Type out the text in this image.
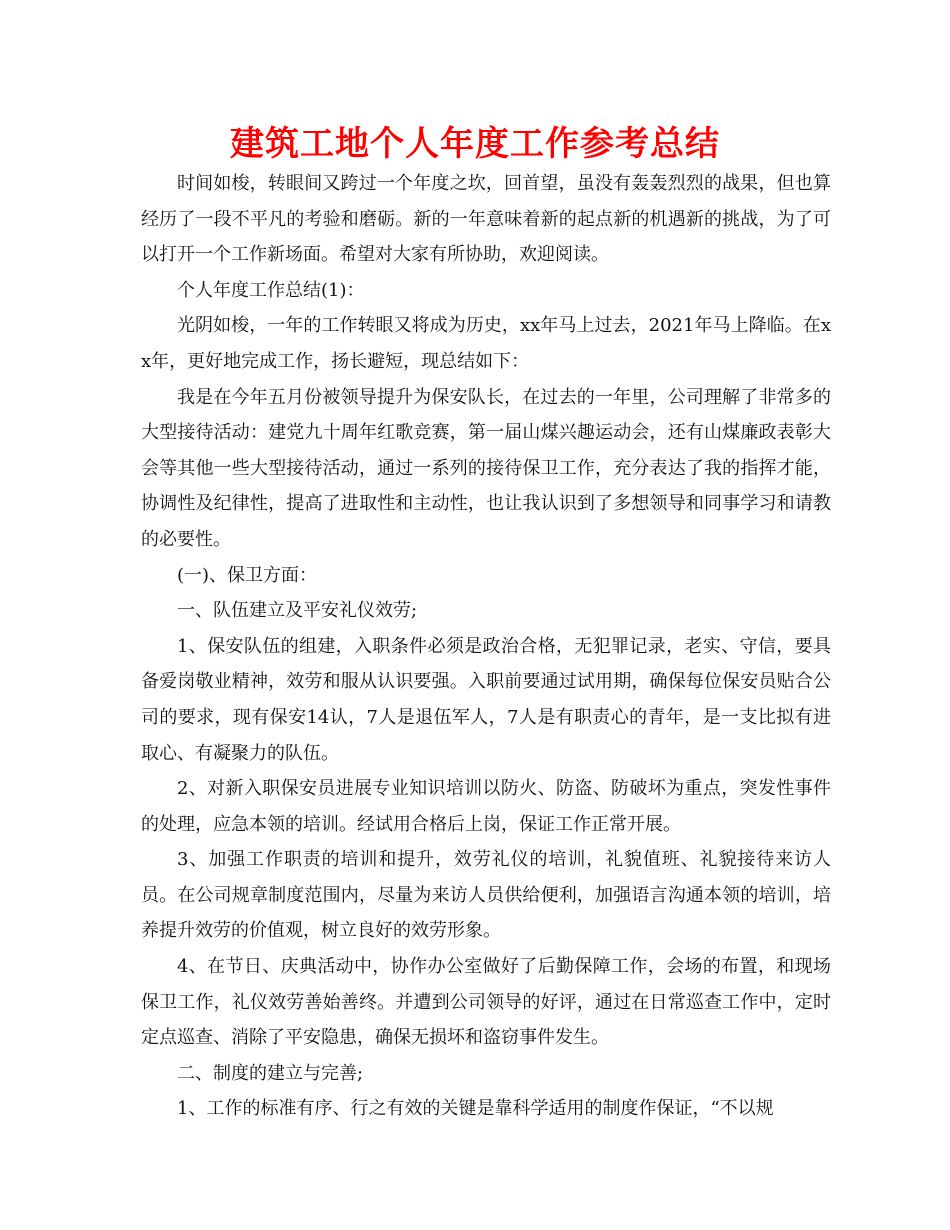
建筑工地个人年度工作参考总结

时间如梭，转眼间又跨过一个年度之坎，回首望，虽没有轰轰烈烈的战果，但也算经历了一段不平凡的考验和磨砺。新的一年意味着新的起点新的机遇新的挑战，为了可以打开一个工作新场面。希望对大家有所协助，欢迎阅读。

个人年度工作总结(1)：

光阴如梭，一年的工作转眼又将成为历史，xx年马上过去，2021年马上降临。在xx年，更好地完成工作，扬长避短，现总结如下：

我是在今年五月份被领导提升为保安队长，在过去的一年里，公司理解了非常多的大型接待活动：建党九十周年红歌竞赛，第一届山煤兴趣运动会，还有山煤廉政表彰大会等其他一些大型接待活动，通过一系列的接待保卫工作，充分表达了我的指挥才能，协调性及纪律性，提高了进取性和主动性，也让我认识到了多想领导和同事学习和请教的必要性。

(一)、保卫方面：

一、队伍建立及平安礼仪效劳;

1、保安队伍的组建，入职条件必须是政治合格，无犯罪记录，老实、守信，要具备爱岗敬业精神，效劳和服从认识要强。入职前要通过试用期，确保每位保安员贴合公司的要求，现有保安14认，7人是退伍军人，7人是有职责心的青年，是一支比拟有进取心、有凝聚力的队伍。

2、对新入职保安员进展专业知识培训以防火、防盗、防破坏为重点，突发性事件的处理，应急本领的培训。经试用合格后上岗，保证工作正常开展。

3、加强工作职责的培训和提升，效劳礼仪的培训，礼貌值班、礼貌接待来访人员。在公司规章制度范围内，尽量为来访人员供给便利，加强语言沟通本领的培训，培养提升效劳的价值观，树立良好的效劳形象。

4、在节日、庆典活动中，协作办公室做好了后勤保障工作，会场的布置，和现场保卫工作，礼仪效劳善始善终。并遭到公司领导的好评，通过在日常巡查工作中，定时定点巡查、消除了平安隐患，确保无损坏和盗窃事件发生。

二、制度的建立与完善;

1、工作的标准有序、行之有效的关键是靠科学适用的制度作保证，“不以规
